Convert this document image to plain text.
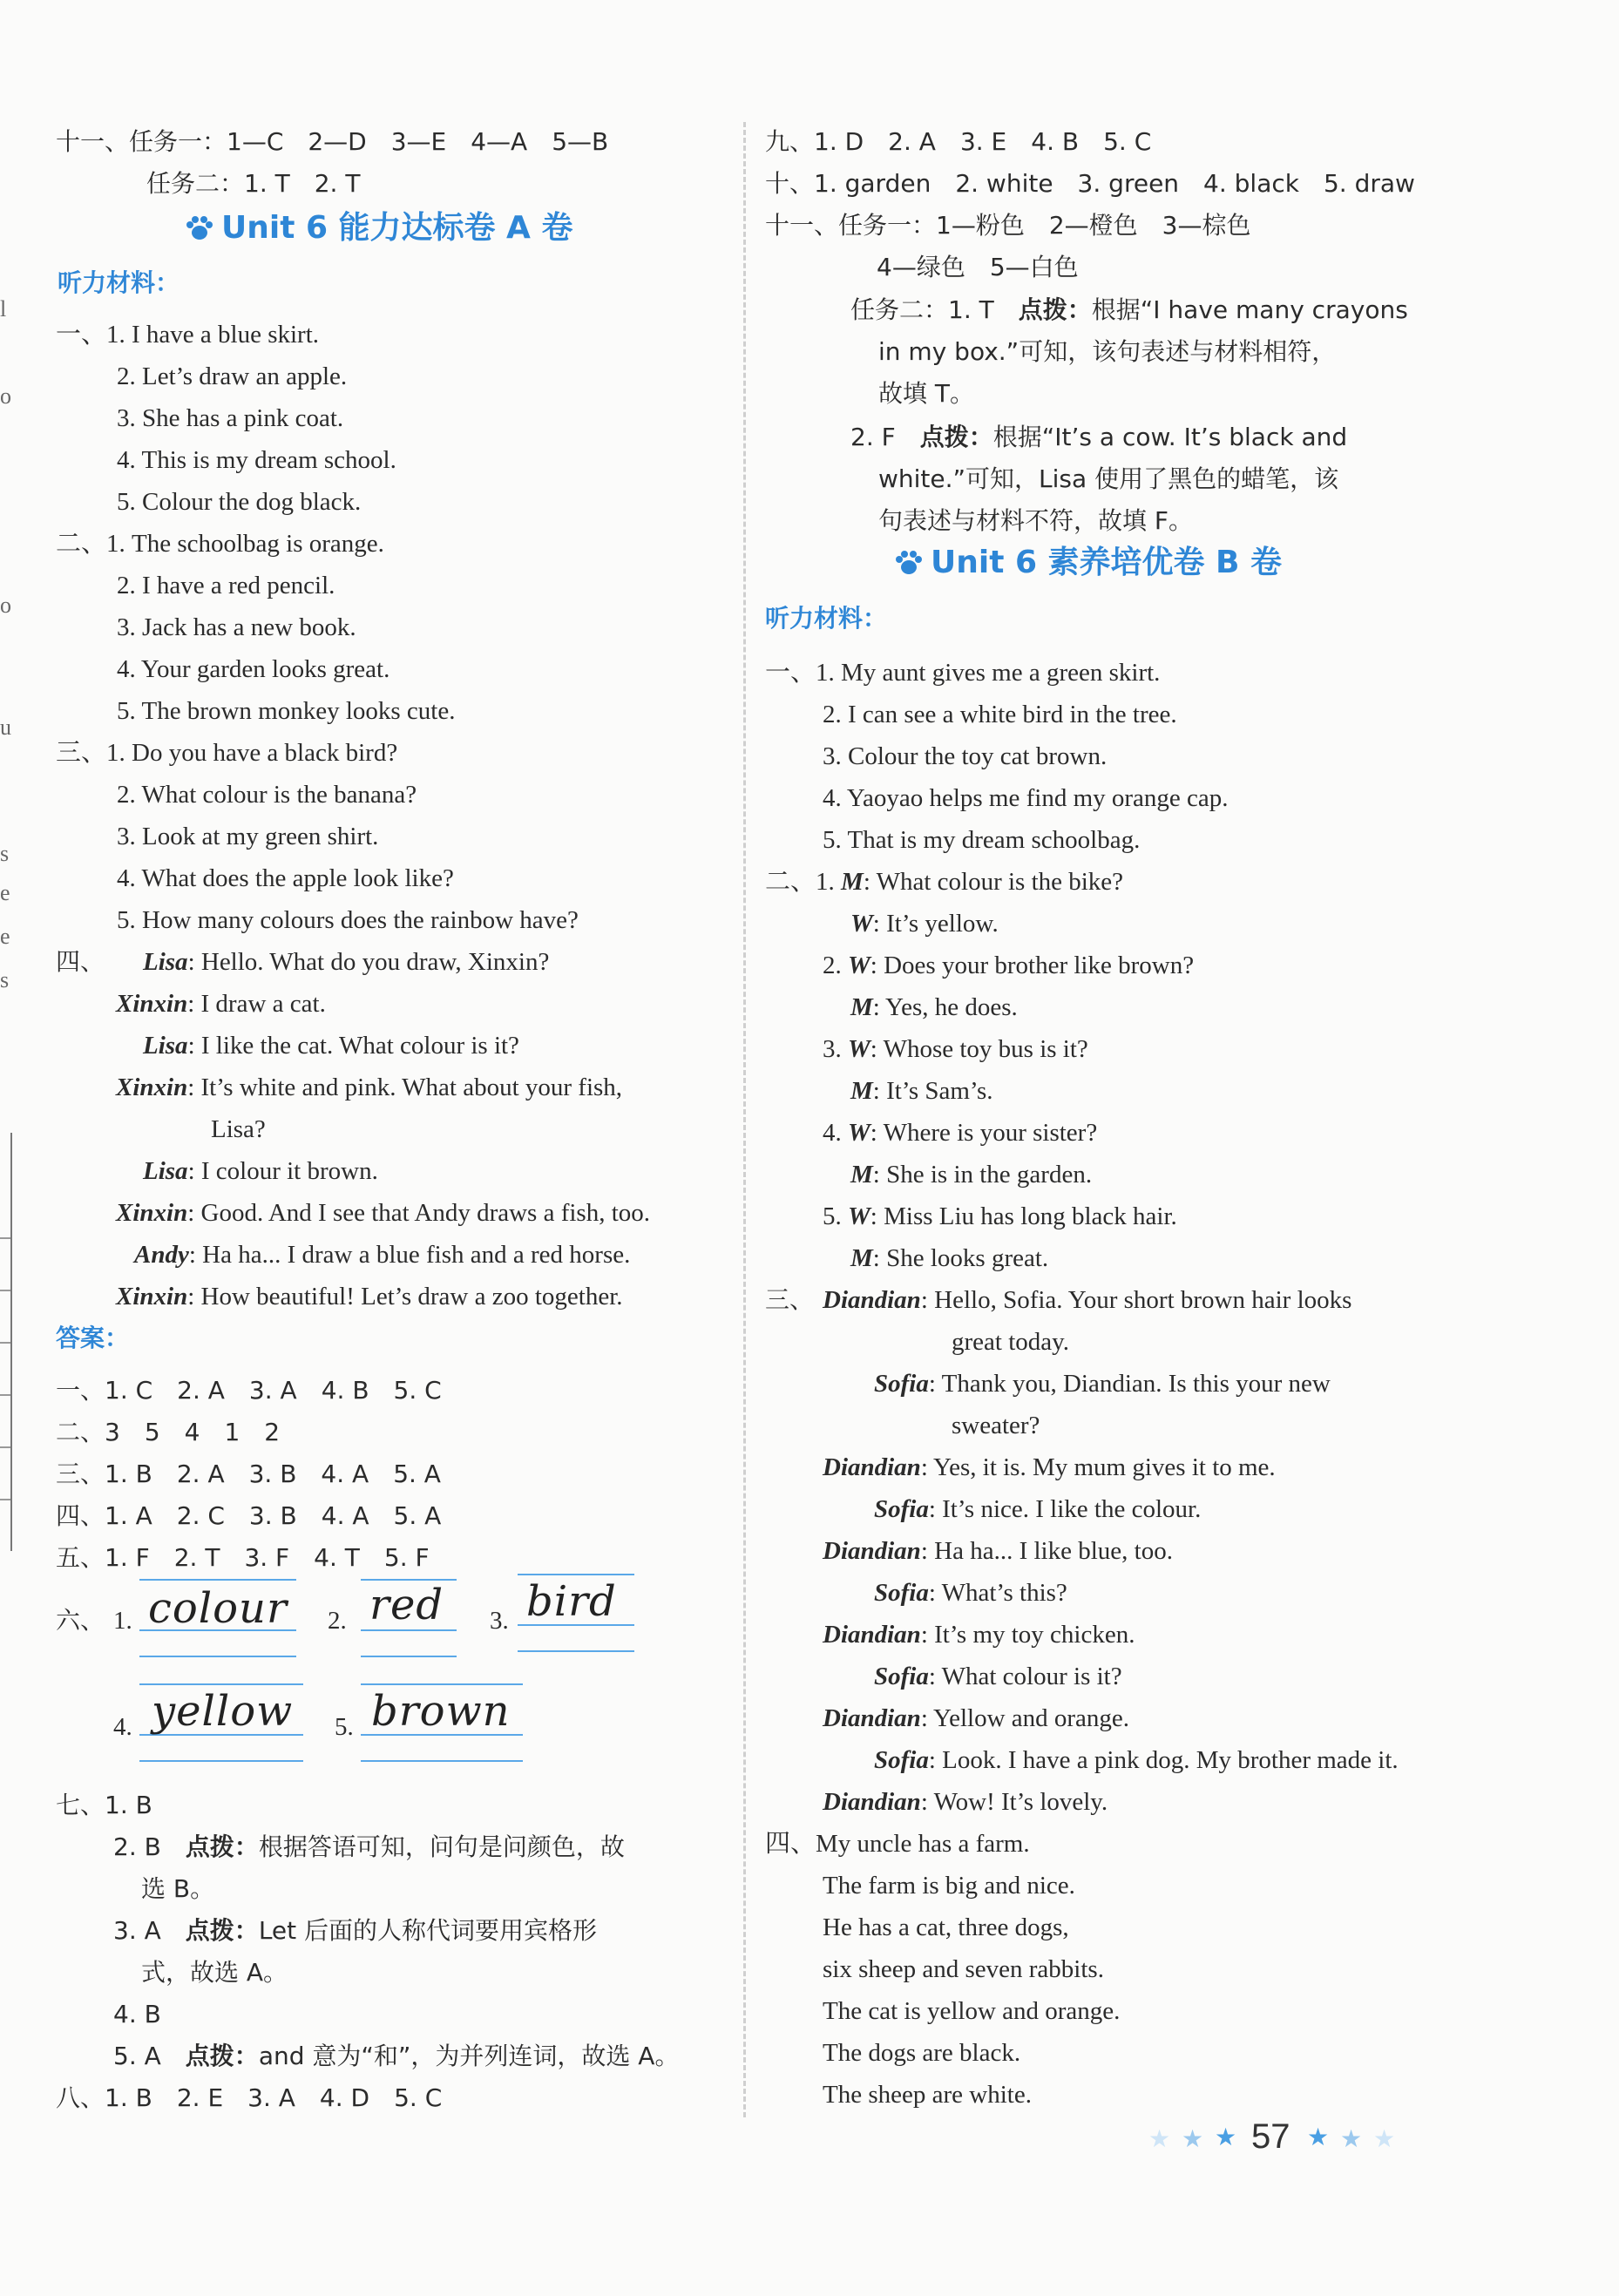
l
o
o
u
s
e
e
s
十一、任务一：1—C　2—D　3—E　4—A　5—B
任务二：1. T　2. T
Unit 6 能力达标卷 A 卷
听力材料：
一、1. I have a blue skirt.
2. Let’s draw an apple.
3. She has a pink coat.
4. This is my dream school.
5. Colour the dog black.
二、1. The schoolbag is orange.
2. I have a red pencil.
3. Jack has a new book.
4. Your garden looks great.
5. The brown monkey looks cute.
三、1. Do you have a black bird?
2. What colour is the banana?
3. Look at my green shirt.
4. What does the apple look like?
5. How many colours does the rainbow have?
四、 Lisa: Hello. What do you draw, Xinxin?
Xinxin: I draw a cat.
Lisa: I like the cat. What colour is it?
Xinxin: It’s white and pink. What about your fish,
Lisa?
Lisa: I colour it brown.
Xinxin: Good. And I see that Andy draws a fish, too.
Andy: Ha ha... I draw a blue fish and a red horse.
Xinxin: How beautiful! Let’s draw a zoo together.
答案：
一、1. C　2. A　3. A　4. B　5. C
二、3　5　4　1　2
三、1. B　2. A　3. B　4. A　5. A
四、1. A　2. C　3. B　4. A　5. A
五、1. F　2. T　3. F　4. T　5. F
六、 1. colour 2. red 3. bird
4. yellow 5. brown
七、1. B
2. B　 点拨：根据答语可知，问句是问颜色，故
选 B。
3. A　 点拨：Let 后面的人称代词要用宾格形
式，故选 A。
4. B
5. A　 点拨：and 意为“和”，为并列连词，故选 A。
八、1. B　2. E　3. A　4. D　5. C
九、1. D　2. A　3. E　4. B　5. C
十、1. garden　2. white　3. green　4. black　5. draw
十一、任务一：1—粉色　2—橙色　3—棕色
4—绿色　5—白色
任务二：1. T　 点拨：根据“I have many crayons
in my box.”可知，该句表述与材料相符，
故填 T。
2. F　 点拨：根据“It’s a cow. It’s black and
white.”可知，Lisa 使用了黑色的蜡笔，该
句表述与材料不符，故填 F。
Unit 6 素养培优卷 B 卷
听力材料：
一、1. My aunt gives me a green skirt.
2. I can see a white bird in the tree.
3. Colour the toy cat brown.
4. Yaoyao helps me find my orange cap.
5. That is my dream schoolbag.
二、1. M: What colour is the bike?
W: It’s yellow.
2. W: Does your brother like brown?
M: Yes, he does.
3. W: Whose toy bus is it?
M: It’s Sam’s.
4. W: Where is your sister?
M: She is in the garden.
5. W: Miss Liu has long black hair.
M: She looks great.
三、 Diandian: Hello, Sofia. Your short brown hair looks
great today.
Sofia: Thank you, Diandian. Is this your new
sweater?
Diandian: Yes, it is. My mum gives it to me.
Sofia: It’s nice. I like the colour.
Diandian: Ha ha... I like blue, too.
Sofia: What’s this?
Diandian: It’s my toy chicken.
Sofia: What colour is it?
Diandian: Yellow and orange.
Sofia: Look. I have a pink dog. My brother made it.
Diandian: Wow! It’s lovely.
四、My uncle has a farm.
The farm is big and nice.
He has a cat, three dogs,
six sheep and seven rabbits.
The cat is yellow and orange.
The dogs are black.
The sheep are white.
★ ★ ★ 57 ★ ★ ★
